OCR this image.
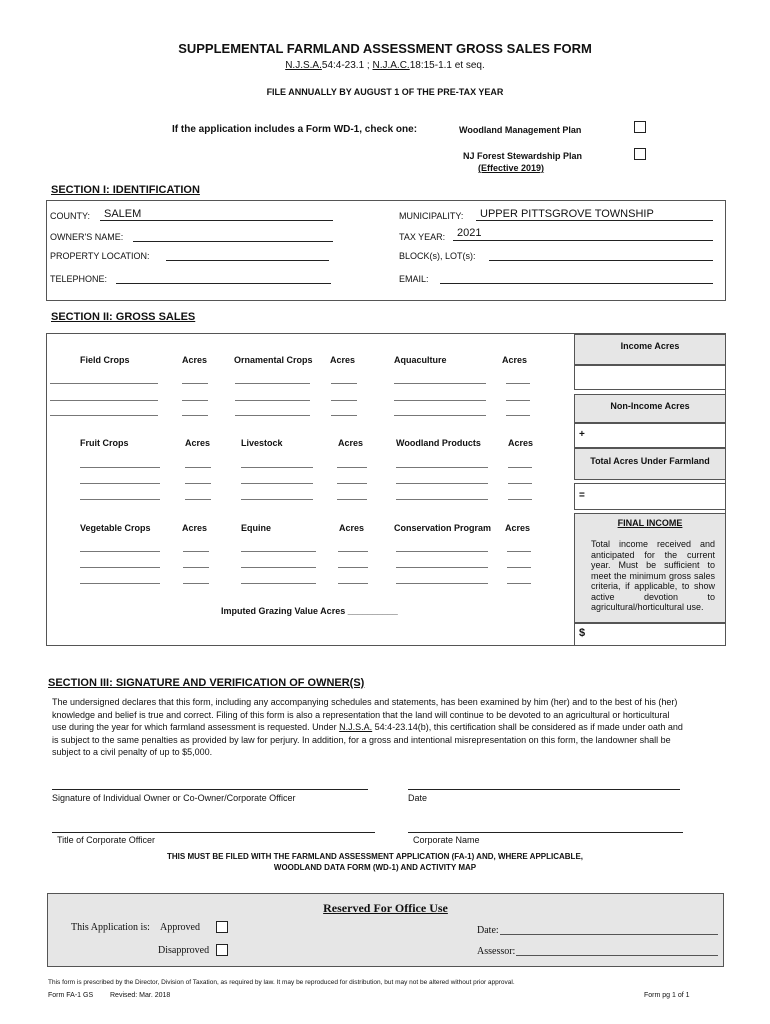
SUPPLEMENTAL FARMLAND ASSESSMENT GROSS SALES FORM
N.J.S.A.54:4-23.1 ; N.J.A.C.18:15-1.1 et seq.
FILE ANNUALLY BY AUGUST 1 OF THE PRE-TAX YEAR
If the application includes a Form WD-1, check one:	Woodland Management Plan
NJ Forest Stewardship Plan
(Effective 2019)
SECTION I: IDENTIFICATION
COUNTY:	SALEM	MUNICIPALITY:	UPPER PITTSGROVE TOWNSHIP
OWNER'S NAME:	TAX YEAR:	2021
PROPERTY LOCATION:	BLOCK(s), LOT(s):
TELEPHONE:	EMAIL:
SECTION II: GROSS SALES
Field Crops	Acres	Ornamental Crops Acres	Aquaculture	Acres
Fruit Crops	Acres	Livestock	Acres	Woodland Products	Acres
Vegetable Crops	Acres	Equine	Acres	Conservation Program Acres
Imputed Grazing Value Acres __________
Income Acres
Non-Income Acres
+
Total Acres Under Farmland
=
FINAL INCOME
Total income received and anticipated for the current year. Must be sufficient to meet the minimum gross sales criteria, if applicable, to show active devotion to agricultural/horticultural use.
$
SECTION III: SIGNATURE AND VERIFICATION OF OWNER(S)
The undersigned declares that this form, including any accompanying schedules and statements, has been examined by him (her) and to the best of his (her) knowledge and belief is true and correct. Filing of this form is also a representation that the land will continue to be devoted to an agricultural or horticultural use during the year for which farmland assessment is requested. Under N.J.S.A. 54:4-23.14(b), this certification shall be considered as if made under oath and is subject to the same penalties as provided by law for perjury. In addition, for a gross and intentional misrepresentation on this form, the landowner shall be subject to a civil penalty of up to $5,000.
Signature of Individual Owner or Co-Owner/Corporate Officer	Date
Title of Corporate Officer	Corporate Name
THIS MUST BE FILED WITH THE FARMLAND ASSESSMENT APPLICATION (FA-1) AND, WHERE APPLICABLE,
WOODLAND DATA FORM (WD-1) AND ACTIVITY MAP
Reserved For Office Use
This Application is: Approved
Disapproved
Date:
Assessor:
This form is prescribed by the Director, Division of Taxation, as required by law. It may be reproduced for distribution, but may not be altered without prior approval.
Form FA-1 GS Revised: Mar. 2018	Form pg 1 of 1
